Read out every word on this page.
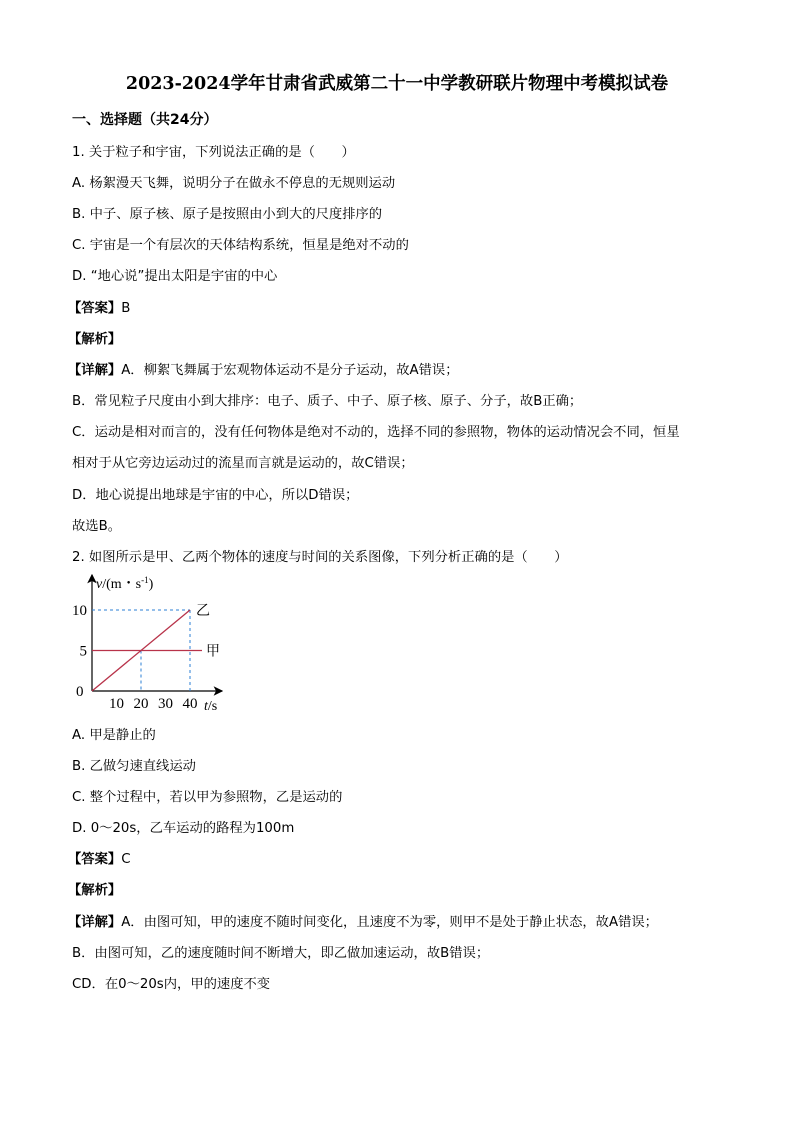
2023-2024学年甘肃省武威第二十一中学教研联片物理中考模拟试卷
一、选择题（共24分）
1. 关于粒子和宇宙，下列说法正确的是（　　）
A. 杨絮漫天飞舞，说明分子在做永不停息的无规则运动
B. 中子、原子核、原子是按照由小到大的尺度排序的
C. 宇宙是一个有层次的天体结构系统，恒星是绝对不动的
D. “地心说”提出太阳是宇宙的中心
【答案】B
【解析】
【详解】A．柳絮飞舞属于宏观物体运动不是分子运动，故A错误；
B．常见粒子尺度由小到大排序：电子、质子、中子、原子核、原子、分子，故B正确；
C．运动是相对而言的，没有任何物体是绝对不动的，选择不同的参照物，物体的运动情况会不同，恒星
相对于从它旁边运动过的流星而言就是运动的，故C错误；
D．地心说提出地球是宇宙的中心，所以D错误；
故选B。
2. 如图所示是甲、乙两个物体的速度与时间的关系图像，下列分析正确的是（　　）
v/(m・$s^{-1}$)
t/s
0
乙
甲
10
5
10 20 30 40
A. 甲是静止的
B. 乙做匀速直线运动
C. 整个过程中，若以甲为参照物，乙是运动的
D. 0～20s，乙车运动的路程为100m
【答案】C
【解析】
【详解】A．由图可知，甲的速度不随时间变化，且速度不为零，则甲不是处于静止状态，故A错误；
B．由图可知，乙的速度随时间不断增大，即乙做加速运动，故B错误；
CD．在0～20s内，甲的速度不变
